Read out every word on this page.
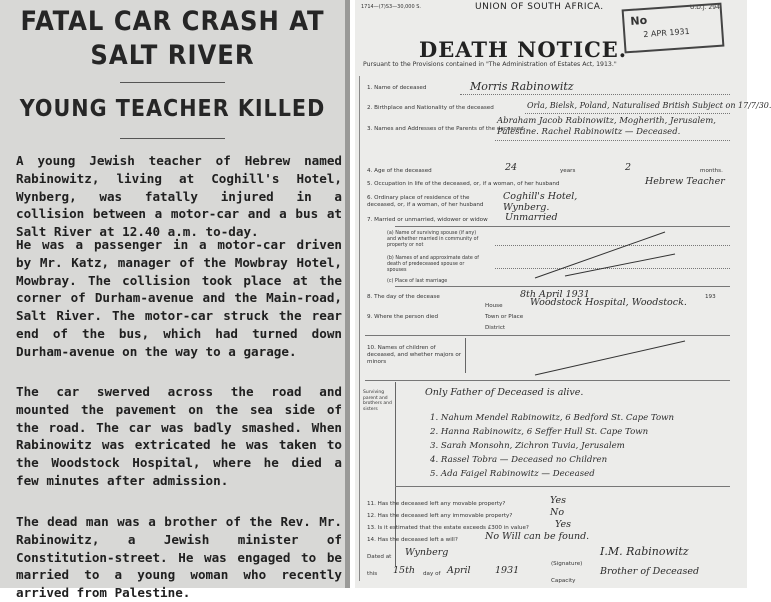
FATAL CAR CRASH AT
SALT RIVER
YOUNG TEACHER KILLED
A young Jewish teacher of Hebrew named Rabinowitz, living at Coghill's Hotel, Wynberg, was fatally injured in a collision between a motor-car and a bus at Salt River at 12.40 a.m. to-day.
He was a passenger in a motor-car driven by Mr. Katz, manager of the Mowbray Hotel, Mowbray. The collision took place at the corner of Durham-avenue and the Main-road, Salt River. The motor-car struck the rear end of the bus, which had turned down Durham-avenue on the way to a garage.
The car swerved across the road and mounted the pavement on the sea side of the road. The car was badly smashed. When Rabinowitz was extricated he was taken to the Woodstock Hospital, where he died a few minutes after admission.
The dead man was a brother of the Rev. Mr. Rabinowitz, a Jewish minister of Constitution-street. He was engaged to be married to a young woman who recently arrived from Palestine.
1714—(7)S3—30,000 S.	UNION OF SOUTH AFRICA.	U.D.J. 294.
No
2 APR 1931
DEATH NOTICE.
Pursuant to the Provisions contained in "The Administration of Estates Act, 1913."
1. Name of deceased	Morris Rabinowitz
2. Birthplace and Nationality of the deceased	Orla, Bielsk, Poland, Naturalised British Subject on 17/7/30.
3. Names and Addresses of the Parents of the deceased
Abraham Jacob Rabinowitz, Mogherith, Jerusalem, Palestine. Rachel Rabinowitz — Deceased.
4. Age of the deceased	24	years	2	months.
5. Occupation in life of the deceased, or, if a woman, of her husband	Hebrew Teacher
6. Ordinary place of residence of the deceased, or, if a woman, of her husband
Coghill's Hotel, Wynberg.
7. Married or unmarried, widower or widow Unmarried
(a) Name of surviving spouse (if any) and whether married in community of property or not
(b) Names of and approximate date of death of predeceased spouse or spouses
(c) Place of last marriage
8. The day of the decease	8th April 1931	193
9. Where the person died
House
Town or Place
District
Woodstock Hospital, Woodstock.
10. Names of children of deceased, and whether majors or minors
Surviving parent and brothers and sisters
Only Father of Deceased is alive.
1. Nahum Mendel Rabinowitz, 6 Bedford St. Cape Town
2. Hanna Rabinowitz, 6 Seffer Hull St. Cape Town
3. Sarah Monsohn, Zichron Tuvia, Jerusalem
4. Rassel Tobra — Deceased no Children
5. Ada Faigel Rabinowitz — Deceased
11. Has the deceased left any movable property?	Yes
12. Has the deceased left any immovable property?	No
13. Is it estimated that the estate exceeds £300 in value?	Yes
14. Has the deceased left a will?	No Will can be found.
Dated at Wynberg
this 15th day of April	1931
(Signature)
I.M. Rabinowitz
Capacity
Brother of Deceased
